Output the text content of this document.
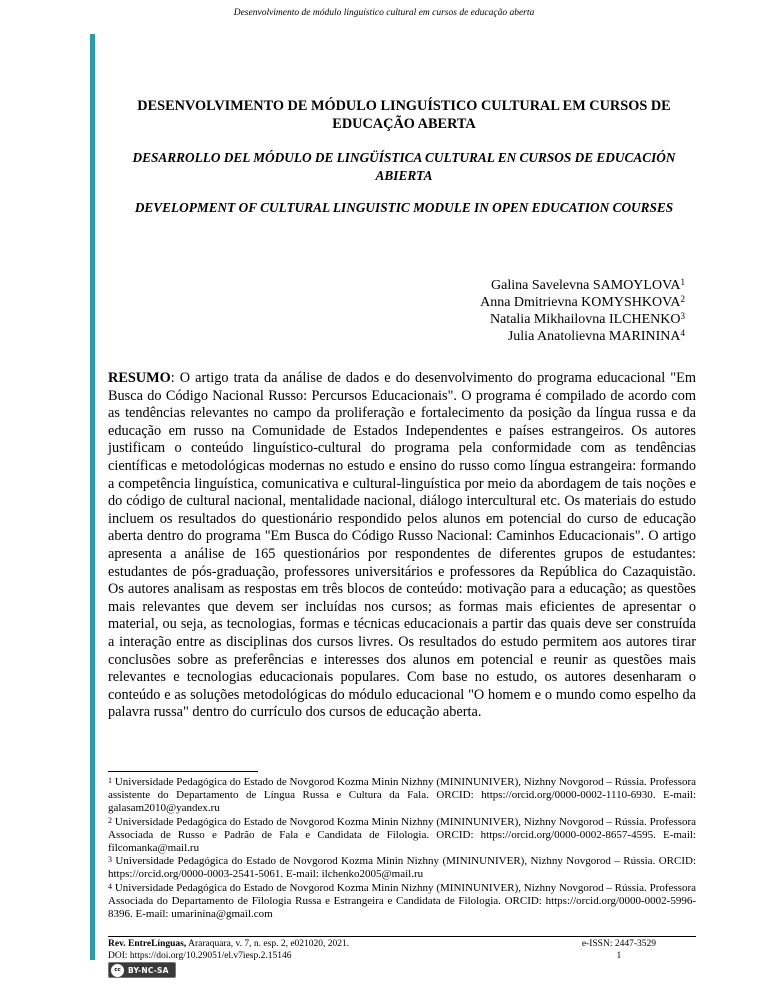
Desenvolvimento de módulo linguístico cultural em cursos de educação aberta
DESENVOLVIMENTO DE MÓDULO LINGUÍSTICO CULTURAL EM CURSOS DE EDUCAÇÃO ABERTA
DESARROLLO DEL MÓDULO DE LINGÜÍSTICA CULTURAL EN CURSOS DE EDUCACIÓN ABIERTA
DEVELOPMENT OF CULTURAL LINGUISTIC MODULE IN OPEN EDUCATION COURSES
Galina Savelevna SAMOYLOVA$^1$
Anna Dmitrievna KOMYSHKOVA$^2$
Natalia Mikhailovna ILCHENKO$^3$
Julia Anatolievna MARININA$^4$

RESUMO: O artigo trata da análise de dados e do desenvolvimento do programa educacional "Em Busca do Código Nacional Russo: Percursos Educacionais". O programa é compilado de acordo com as tendências relevantes no campo da proliferação e fortalecimento da posição da língua russa e da educação em russo na Comunidade de Estados Independentes e países estrangeiros. Os autores justificam o conteúdo linguístico-cultural do programa pela conformidade com as tendências científicas e metodológicas modernas no estudo e ensino do russo como língua estrangeira: formando a competência linguística, comunicativa e cultural-linguística por meio da abordagem de tais noções e do código de cultural nacional, mentalidade nacional, diálogo intercultural etc. Os materiais do estudo incluem os resultados do questionário respondido pelos alunos em potencial do curso de educação aberta dentro do programa "Em Busca do Código Russo Nacional: Caminhos Educacionais". O artigo apresenta a análise de 165 questionários por respondentes de diferentes grupos de estudantes: estudantes de pós-graduação, professores universitários e professores da República do Cazaquistão. Os autores analisam as respostas em três blocos de conteúdo: motivação para a educação; as questões mais relevantes que devem ser incluídas nos cursos; as formas mais eficientes de apresentar o material, ou seja, as tecnologias, formas e técnicas educacionais a partir das quais deve ser construída a interação entre as disciplinas dos cursos livres. Os resultados do estudo permitem aos autores tirar conclusões sobre as preferências e interesses dos alunos em potencial e reunir as questões mais relevantes e tecnologias educacionais populares. Com base no estudo, os autores desenharam o conteúdo e as soluções metodológicas do módulo educacional "O homem e o mundo como espelho da palavra russa" dentro do currículo dos cursos de educação aberta.

$^1$ Universidade Pedagógica do Estado de Novgorod Kozma Minin Nizhny (MININUNIVER), Nizhny Novgorod – Rússia. Professora assistente do Departamento de Língua Russa e Cultura da Fala. ORCID: https://orcid.org/0000-0002-1110-6930. E-mail: galasam2010@yandex.ru

$^2$ Universidade Pedagógica do Estado de Novgorod Kozma Minin Nizhny (MININUNIVER), Nizhny Novgorod – Rússia. Professora Associada de Russo e Padrão de Fala e Candidata de Filologia. ORCID: https://orcid.org/0000-0002-8657-4595. E-mail: filcomanka@mail.ru

$^3$ Universidade Pedagógica do Estado de Novgorod Kozma Minin Nizhny (MININUNIVER), Nizhny Novgorod – Rússia. ORCID: https://orcid.org/0000-0003-2541-5061. E-mail: ilchenko2005@mail.ru

$^4$ Universidade Pedagógica do Estado de Novgorod Kozma Minin Nizhny (MININUNIVER), Nizhny Novgorod – Rússia. Professora Associada do Departamento de Filologia Russa e Estrangeira e Candidata de Filologia. ORCID: https://orcid.org/0000-0002-5996-8396. E-mail: umarinina@gmail.com

Rev. EntreLínguas, Araraquara, v. 7, n. esp. 2, e021020, 2021.
DOI: https://doi.org/10.29051/el.v7iesp.2.15146
e-ISSN: 2447-3529
1
cc BY-NC-SA
